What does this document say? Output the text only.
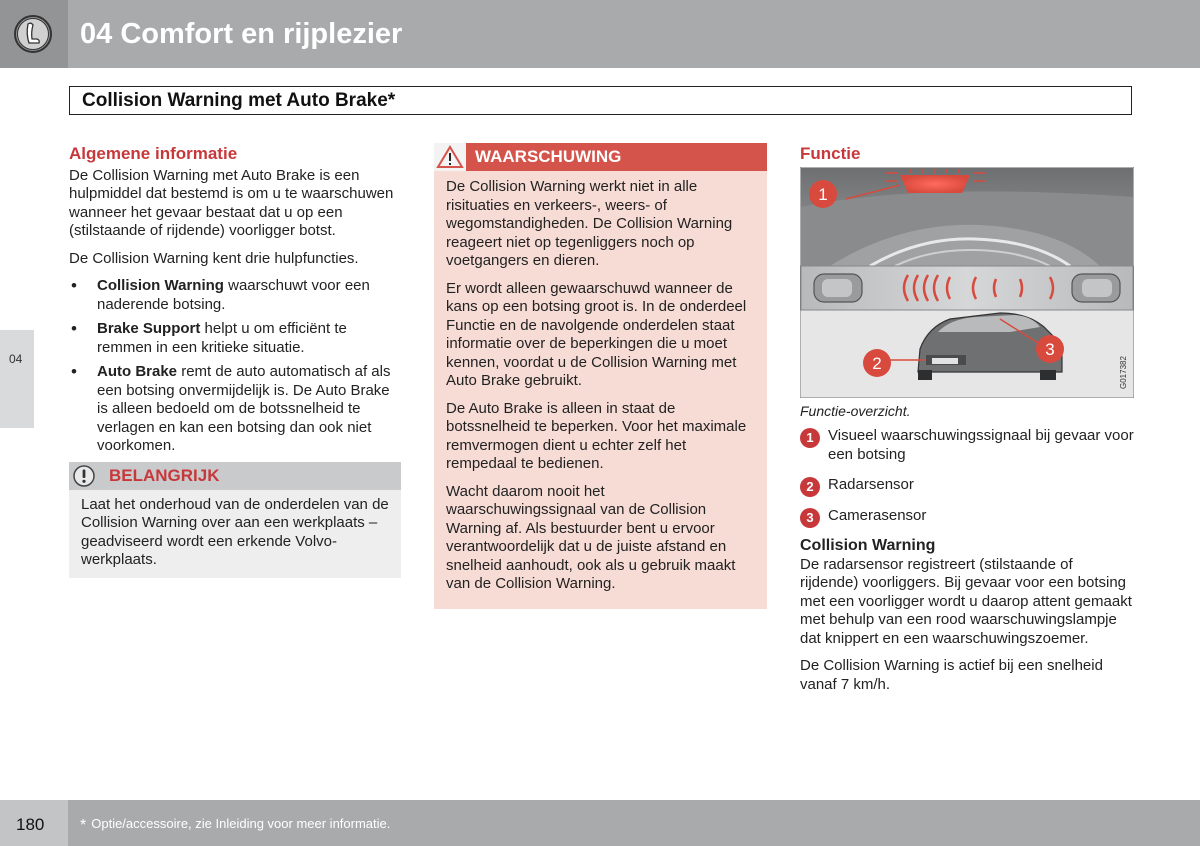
04 Comfort en rijplezier
Collision Warning met Auto Brake*
04
Algemene informatie

De Collision Warning met Auto Brake is een hulpmiddel dat bestemd is om u te waarschuwen wanneer het gevaar bestaat dat u op een (stilstaande of rijdende) voorligger botst.

De Collision Warning kent drie hulpfuncties.

• Collision Warning waarschuwt voor een naderende botsing.
• Brake Support helpt u om efficiënt te remmen in een kritieke situatie.
• Auto Brake remt de auto automatisch af als een botsing onvermijdelijk is. De Auto Brake is alleen bedoeld om de botssnelheid te verlagen en kan een botsing dan ook niet voorkomen.
BELANGRIJK
Laat het onderhoud van de onderdelen van de Collision Warning over aan een werkplaats – geadviseerd wordt een erkende Volvo-werkplaats.
WAARSCHUWING

De Collision Warning werkt niet in alle risituaties en verkeers-, weers- of wegomstandigheden. De Collision Warning reageert niet op tegenliggers noch op voetgangers en dieren.

Er wordt alleen gewaarschuwd wanneer de kans op een botsing groot is. In de onderdeel Functie en de navolgende onderdelen staat informatie over de beperkingen die u moet kennen, voordat u de Collision Warning met Auto Brake gebruikt.

De Auto Brake is alleen in staat de botssnelheid te beperken. Voor het maximale remvermogen dient u echter zelf het rempedaal te bedienen.

Wacht daarom nooit het waarschuwingssignaal van de Collision Warning af. Als bestuurder bent u ervoor verantwoordelijk dat u de juiste afstand en snelheid aanhoudt, ook als u gebruik maakt van de Collision Warning.

Functie
1
2
3
G017382
Functie-overzicht.
1 Visueel waarschuwingssignaal bij gevaar voor een botsing
2 Radarsensor
3 Camerasensor
Collision Warning

De radarsensor registreert (stilstaande of rijdende) voorliggers. Bij gevaar voor een botsing met een voorligger wordt u daarop attent gemaakt met behulp van een rood waarschuwingslampje dat knippert en een waarschuwingszoemer.

De Collision Warning is actief bij een snelheid vanaf 7 km/h.

180 * Optie/accessoire, zie Inleiding voor meer informatie.
